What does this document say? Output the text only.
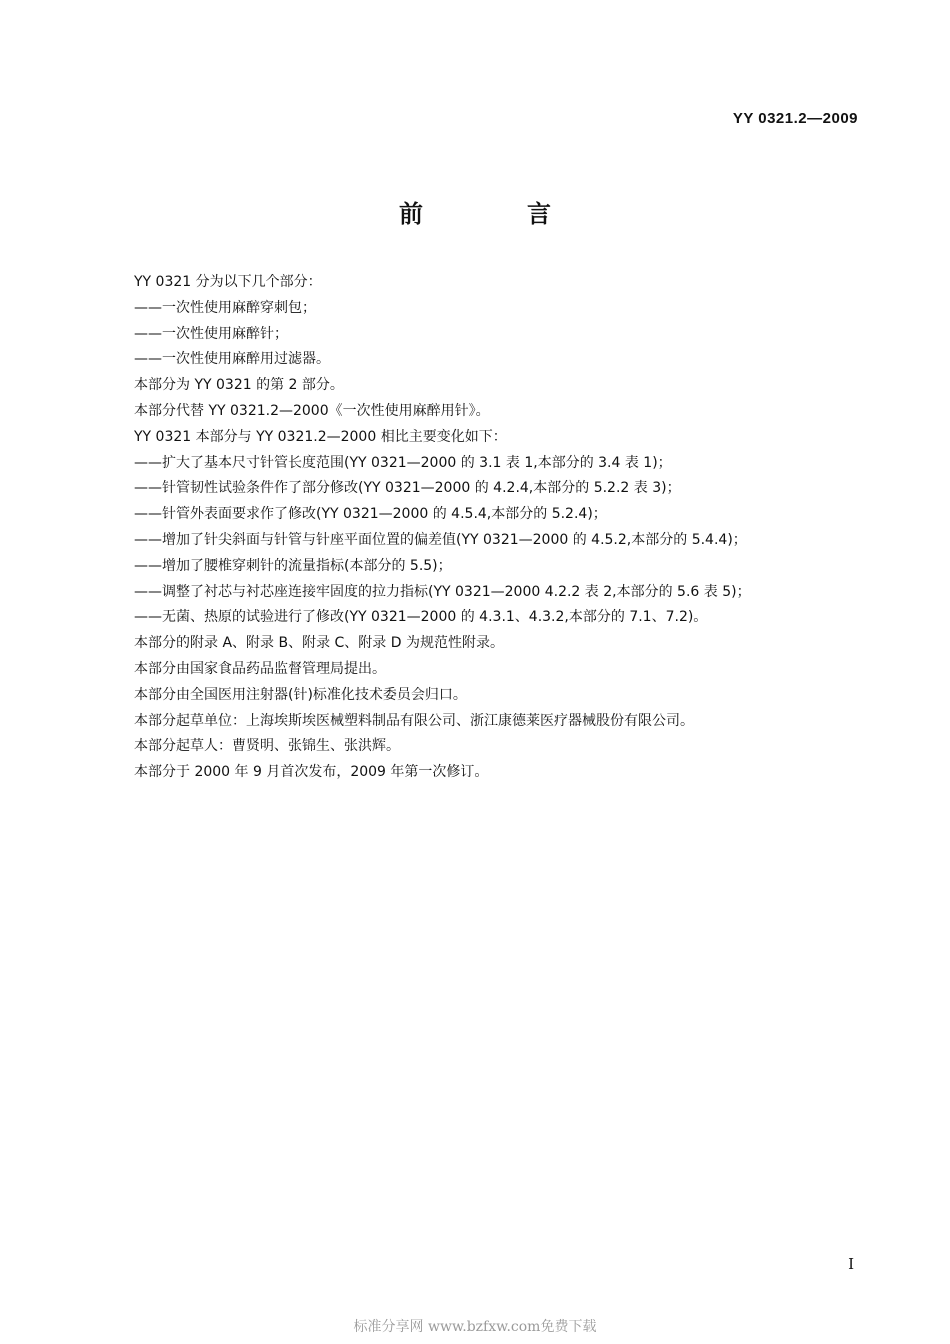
YY 0321.2—2009
前　言
YY 0321 分为以下几个部分：
——一次性使用麻醉穿刺包；
——一次性使用麻醉针；
——一次性使用麻醉用过滤器。
本部分为 YY 0321 的第 2 部分。
本部分代替 YY 0321.2—2000《一次性使用麻醉用针》。
YY 0321 本部分与 YY 0321.2—2000 相比主要变化如下：
——扩大了基本尺寸针管长度范围(YY 0321—2000 的 3.1 表 1,本部分的 3.4 表 1)；
——针管韧性试验条件作了部分修改(YY 0321—2000 的 4.2.4,本部分的 5.2.2 表 3)；
——针管外表面要求作了修改(YY 0321—2000 的 4.5.4,本部分的 5.2.4)；
——增加了针尖斜面与针管与针座平面位置的偏差值(YY 0321—2000 的 4.5.2,本部分的 5.4.4)；
——增加了腰椎穿刺针的流量指标(本部分的 5.5)；
——调整了衬芯与衬芯座连接牢固度的拉力指标(YY 0321—2000 4.2.2 表 2,本部分的 5.6 表 5)；
——无菌、热原的试验进行了修改(YY 0321—2000 的 4.3.1、4.3.2,本部分的 7.1、7.2)。
本部分的附录 A、附录 B、附录 C、附录 D 为规范性附录。
本部分由国家食品药品监督管理局提出。
本部分由全国医用注射器(针)标准化技术委员会归口。
本部分起草单位：上海埃斯埃医械塑料制品有限公司、浙江康德莱医疗器械股份有限公司。
本部分起草人：曹贤明、张锦生、张洪辉。
本部分于 2000 年 9 月首次发布，2009 年第一次修订。
I
标准分享网 www.bzfxw.com免费下载
